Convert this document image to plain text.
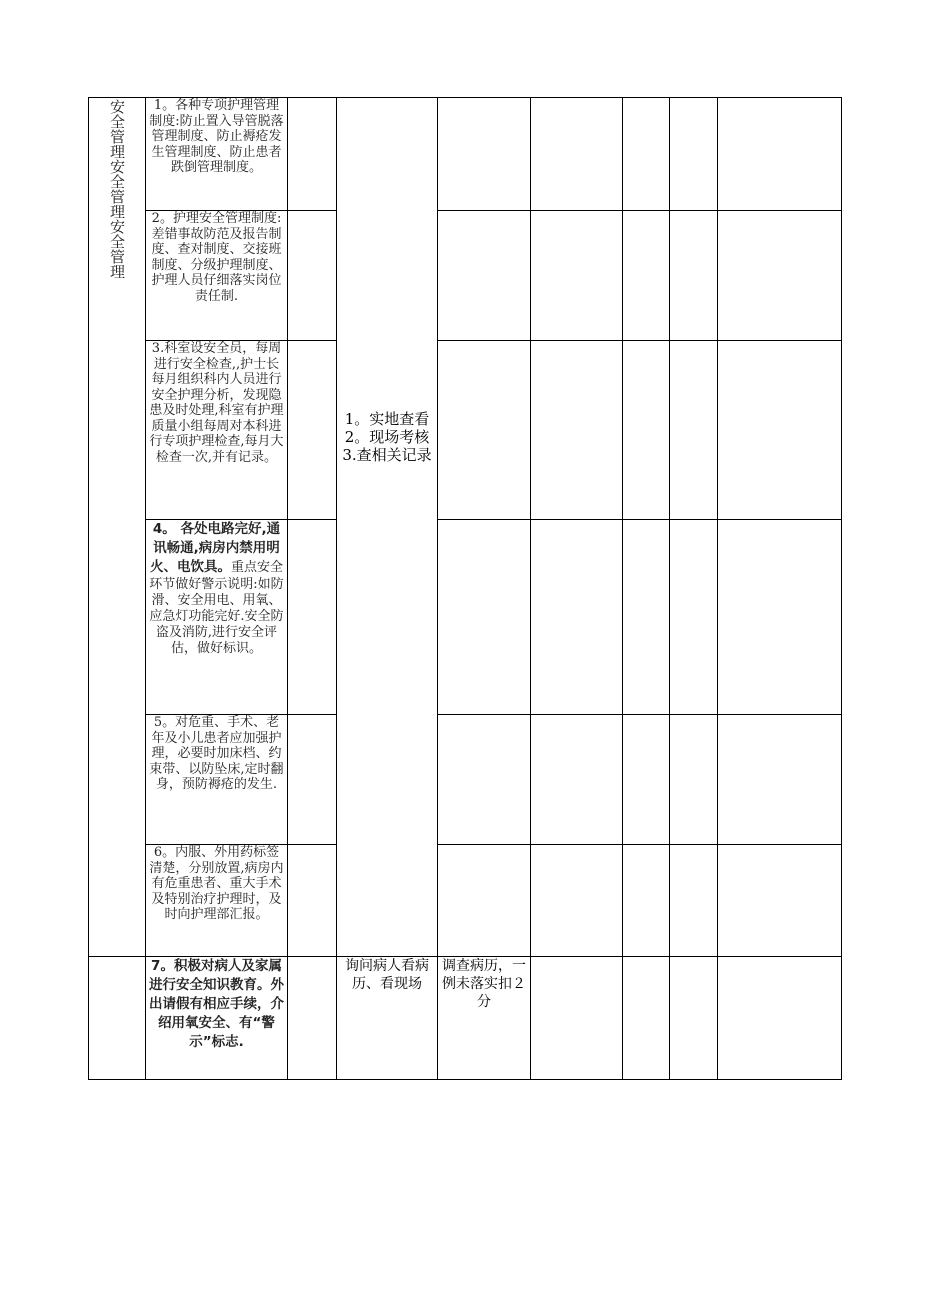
安全管理安全管理安全管理	1。各种专项护理管理制度:防止置入导管脱落管理制度、防止褥疮发生管理制度、防止患者跌倒管理制度。		1。实地查看
2。现场考核
3.查相关记录					

	2。护理安全管理制度:差错事故防范及报告制度、查对制度、交接班制度、分级护理制度、护理人员仔细落实岗位责任制.							

	3.科室设安全员，每周进行安全检查,,护士长每月组织科内人员进行安全护理分析，发现隐患及时处理,科室有护理质量小组每周对本科进行专项护理检查,每月大检查一次,并有记录。							

	4。 各处电路完好,通讯畅通,病房内禁用明火、电饮具。重点安全环节做好警示说明:如防滑、安全用电、用氧、应急灯功能完好.安全防盗及消防,进行安全评估，做好标识。							

	5。对危重、手术、老年及小儿患者应加强护理，必要时加床档、约束带、以防坠床,定时翻身，预防褥疮的发生.							

	6。内服、外用药标签清楚，分别放置,病房内有危重患者、重大手术及特别治疗护理时，及时向护理部汇报。							

	7。积极对病人及家属进行安全知识教育。外出请假有相应手续，介绍用氧安全、有“警示”标志.		询问病人看病历、看现场	调查病历，一例未落实扣２分				
